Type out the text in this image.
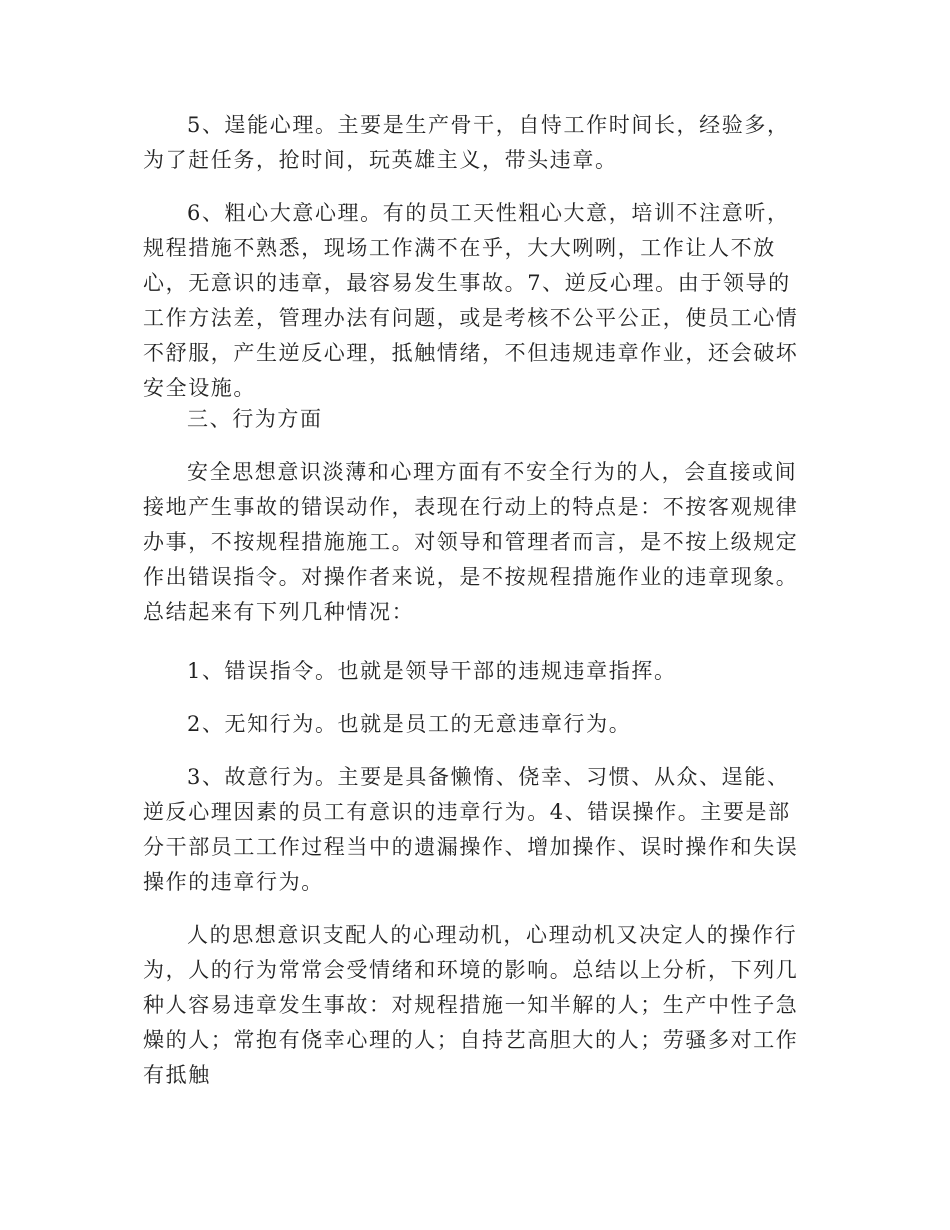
5、逞能心理。主要是生产骨干，自恃工作时间长，经验多，为了赶任务，抢时间，玩英雄主义，带头违章。

6、粗心大意心理。有的员工天性粗心大意，培训不注意听，规程措施不熟悉，现场工作满不在乎，大大咧咧，工作让人不放心，无意识的违章，最容易发生事故。7、逆反心理。由于领导的工作方法差，管理办法有问题，或是考核不公平公正，使员工心情不舒服，产生逆反心理，抵触情绪，不但违规违章作业，还会破坏安全设施。

三、行为方面

安全思想意识淡薄和心理方面有不安全行为的人，会直接或间接地产生事故的错误动作，表现在行动上的特点是：不按客观规律办事，不按规程措施施工。对领导和管理者而言，是不按上级规定作出错误指令。对操作者来说，是不按规程措施作业的违章现象。总结起来有下列几种情况：

1、错误指令。也就是领导干部的违规违章指挥。

2、无知行为。也就是员工的无意违章行为。

3、故意行为。主要是具备懒惰、侥幸、习惯、从众、逞能、逆反心理因素的员工有意识的违章行为。4、错误操作。主要是部分干部员工工作过程当中的遗漏操作、增加操作、误时操作和失误操作的违章行为。

人的思想意识支配人的心理动机，心理动机又决定人的操作行为，人的行为常常会受情绪和环境的影响。总结以上分析，下列几种人容易违章发生事故：对规程措施一知半解的人；生产中性子急燥的人；常抱有侥幸心理的人；自持艺高胆大的人；劳骚多对工作有抵触
